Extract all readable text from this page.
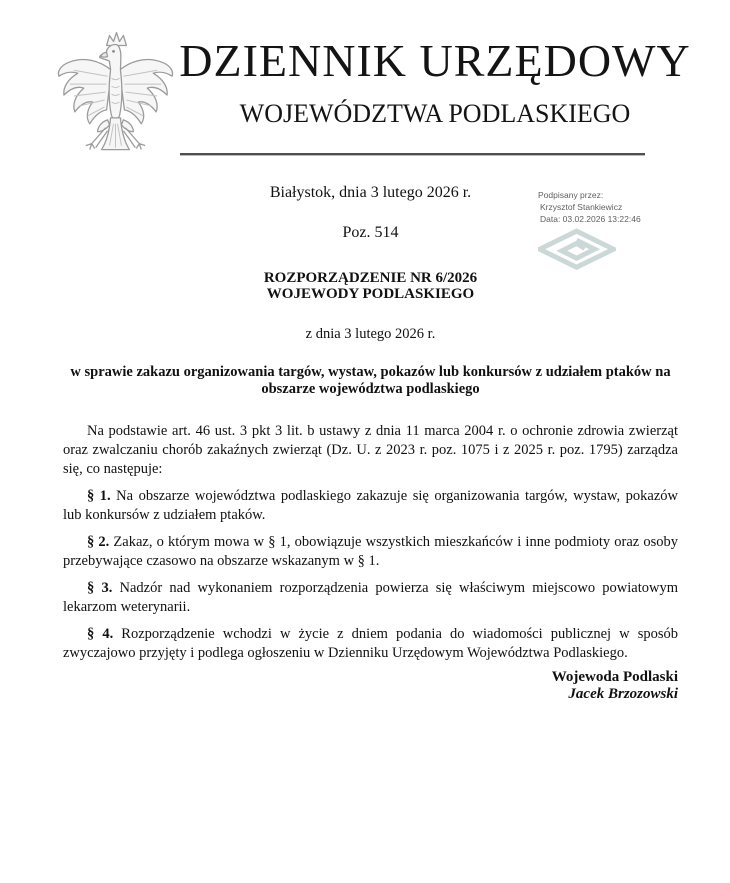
DZIENNIK URZĘDOWY
WOJEWÓDZTWA PODLASKIEGO
Białystok, dnia 3 lutego 2026 r.
Poz. 514
Podpisany przez:
Krzysztof Stankiewicz
Data: 03.02.2026 13:22:46
ROZPORZĄDZENIE NR 6/2026
WOJEWODY PODLASKIEGO
z dnia 3 lutego 2026 r.
w sprawie zakazu organizowania targów, wystaw, pokazów lub konkursów z udziałem ptaków na obszarze województwa podlaskiego
Na podstawie art. 46 ust. 3 pkt 3 lit. b ustawy z dnia 11 marca 2004 r. o ochronie zdrowia zwierząt oraz zwalczaniu chorób zakaźnych zwierząt (Dz. U. z 2023 r. poz. 1075 i z 2025 r. poz. 1795) zarządza się, co następuje:
§ 1. Na obszarze województwa podlaskiego zakazuje się organizowania targów, wystaw, pokazów lub konkursów z udziałem ptaków.
§ 2. Zakaz, o którym mowa w § 1, obowiązuje wszystkich mieszkańców i inne podmioty oraz osoby przebywające czasowo na obszarze wskazanym w § 1.
§ 3. Nadzór nad wykonaniem rozporządzenia powierza się właściwym miejscowo powiatowym lekarzom weterynarii.
§ 4. Rozporządzenie wchodzi w życie z dniem podania do wiadomości publicznej w sposób zwyczajowo przyjęty i podlega ogłoszeniu w Dzienniku Urzędowym Województwa Podlaskiego.
Wojewoda Podlaski
Jacek Brzozowski
